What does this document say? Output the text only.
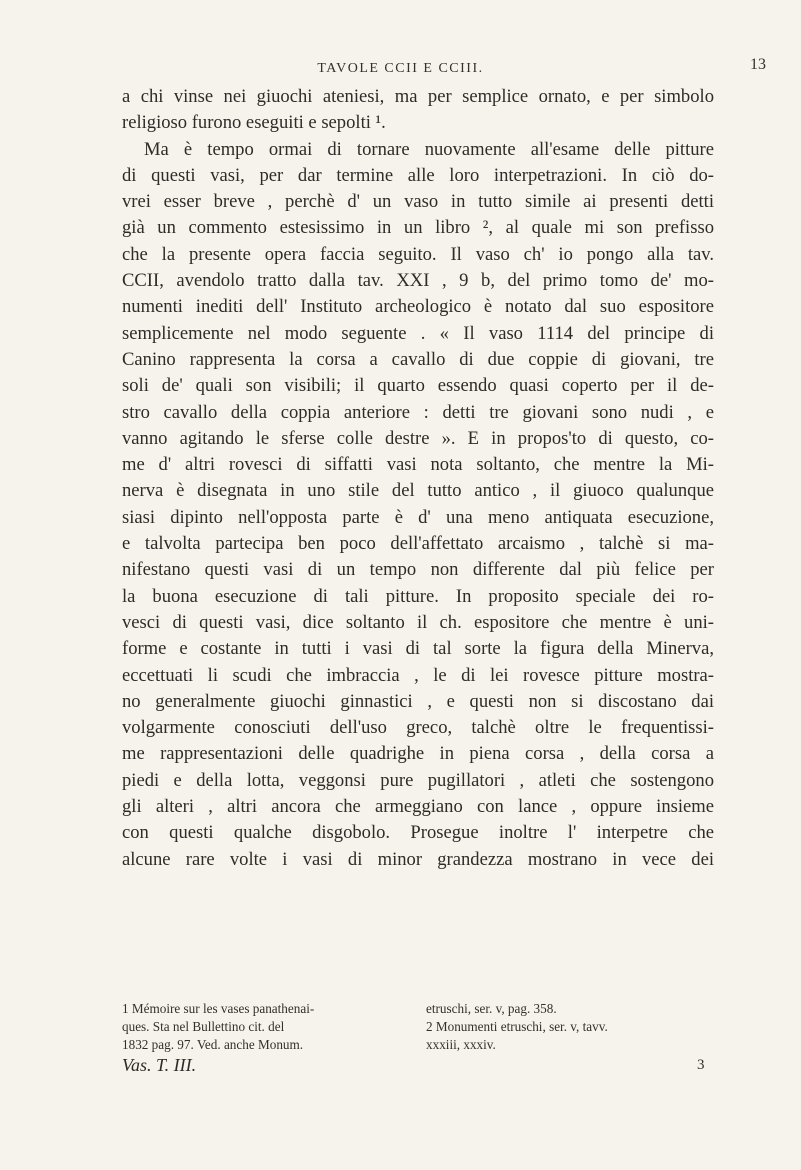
TAVOLE CCII E CCIII.	13
a chi vinse nei giuochi ateniesi, ma per semplice ornato, e per simbolo
religioso furono eseguiti e sepolti ¹.
Ma è tempo ormai di tornare nuovamente all'esame delle pitture
di questi vasi, per dar termine alle loro interpetrazioni. In ciò do-
vrei esser breve , perchè d' un vaso in tutto simile ai presenti detti
già un commento estesissimo in un libro ², al quale mi son prefisso
che la presente opera faccia seguito. Il vaso ch' io pongo alla tav.
CCII, avendolo tratto dalla tav. XXI , 9 b, del primo tomo de' mo-
numenti inediti dell' Instituto archeologico è notato dal suo espositore
semplicemente nel modo seguente . « Il vaso 1114 del principe di
Canino rappresenta la corsa a cavallo di due coppie di giovani, tre
soli de' quali son visibili; il quarto essendo quasi coperto per il de-
stro cavallo della coppia anteriore : detti tre giovani sono nudi , e
vanno agitando le sferse colle destre ». E in propos'to di questo, co-
me d' altri rovesci di siffatti vasi nota soltanto, che mentre la Mi-
nerva è disegnata in uno stile del tutto antico , il giuoco qualunque
siasi dipinto nell'opposta parte è d' una meno antiquata esecuzione,
e talvolta partecipa ben poco dell'affettato arcaismo , talchè si ma-
nifestano questi vasi di un tempo non differente dal più felice per
la buona esecuzione di tali pitture. In proposito speciale dei ro-
vesci di questi vasi, dice soltanto il ch. espositore che mentre è uni-
forme e costante in tutti i vasi di tal sorte la figura della Minerva,
eccettuati li scudi che imbraccia , le di lei rovesce pitture mostra-
no generalmente giuochi ginnastici , e questi non si discostano dai
volgarmente conosciuti dell'uso greco, talchè oltre le frequentissi-
me rappresentazioni delle quadrighe in piena corsa , della corsa a
piedi e della lotta, veggonsi pure pugillatori , atleti che sostengono
gli alteri , altri ancora che armeggiano con lance , oppure insieme
con questi qualche disgobolo. Prosegue inoltre l' interpetre che
alcune rare volte i vasi di minor grandezza mostrano in vece dei
1 Mémoire sur les vases panathenai-
ques. Sta nel Bullettino cit. del
1832 pag. 97. Ved. anche Monum.
etruschi, ser. v, pag. 358.
2 Monumenti etruschi, ser. v, tavv.
xxxiii, xxxiv.
Vas. T. III.	3
